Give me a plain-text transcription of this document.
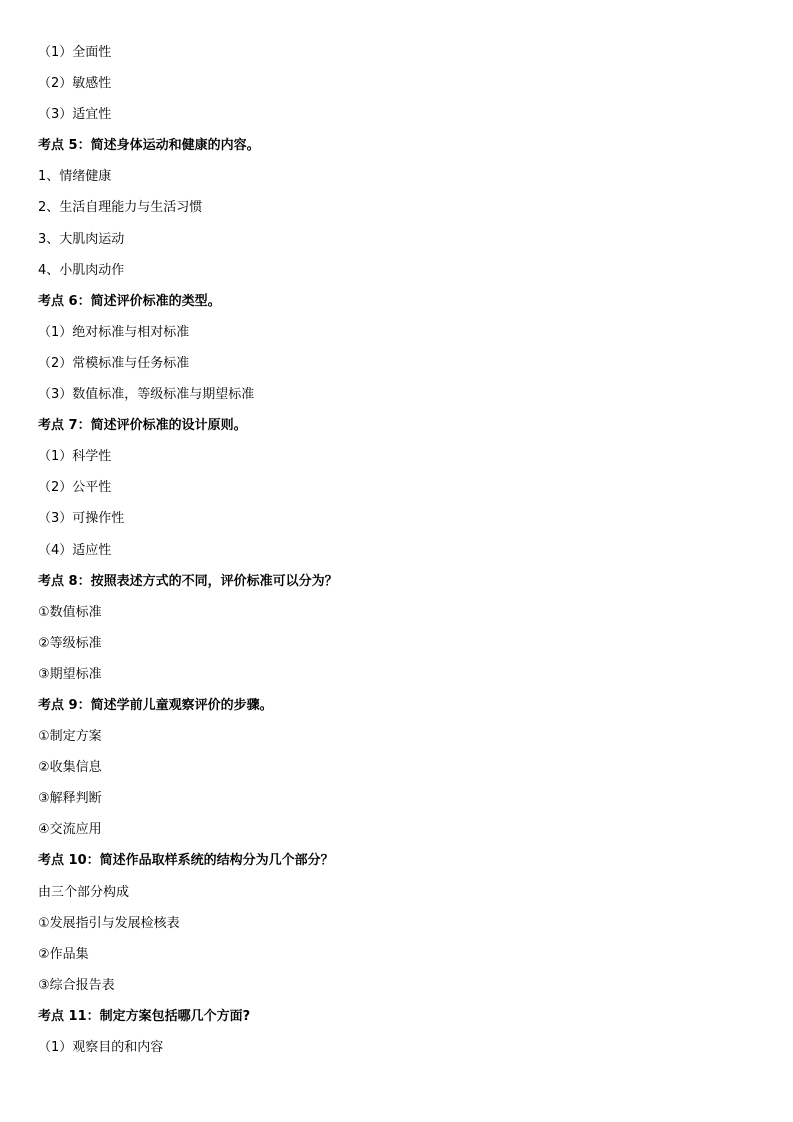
（1）全面性
（2）敏感性
（3）适宜性
考点 5：简述身体运动和健康的内容。
1、情绪健康
2、生活自理能力与生活习惯
3、大肌肉运动
4、小肌肉动作
考点 6：简述评价标准的类型。
（1）绝对标准与相对标准
（2）常模标准与任务标准
（3）数值标准，等级标准与期望标准
考点 7：简述评价标准的设计原则。
（1）科学性
（2）公平性
（3）可操作性
（4）适应性
考点 8：按照表述方式的不同，评价标准可以分为？
①数值标准
②等级标准
③期望标准
考点 9：简述学前儿童观察评价的步骤。
①制定方案
②收集信息
③解释判断
④交流应用
考点 10：简述作品取样系统的结构分为几个部分？
由三个部分构成
①发展指引与发展检核表
②作品集
③综合报告表
考点 11：制定方案包括哪几个方面?
（1）观察目的和内容
